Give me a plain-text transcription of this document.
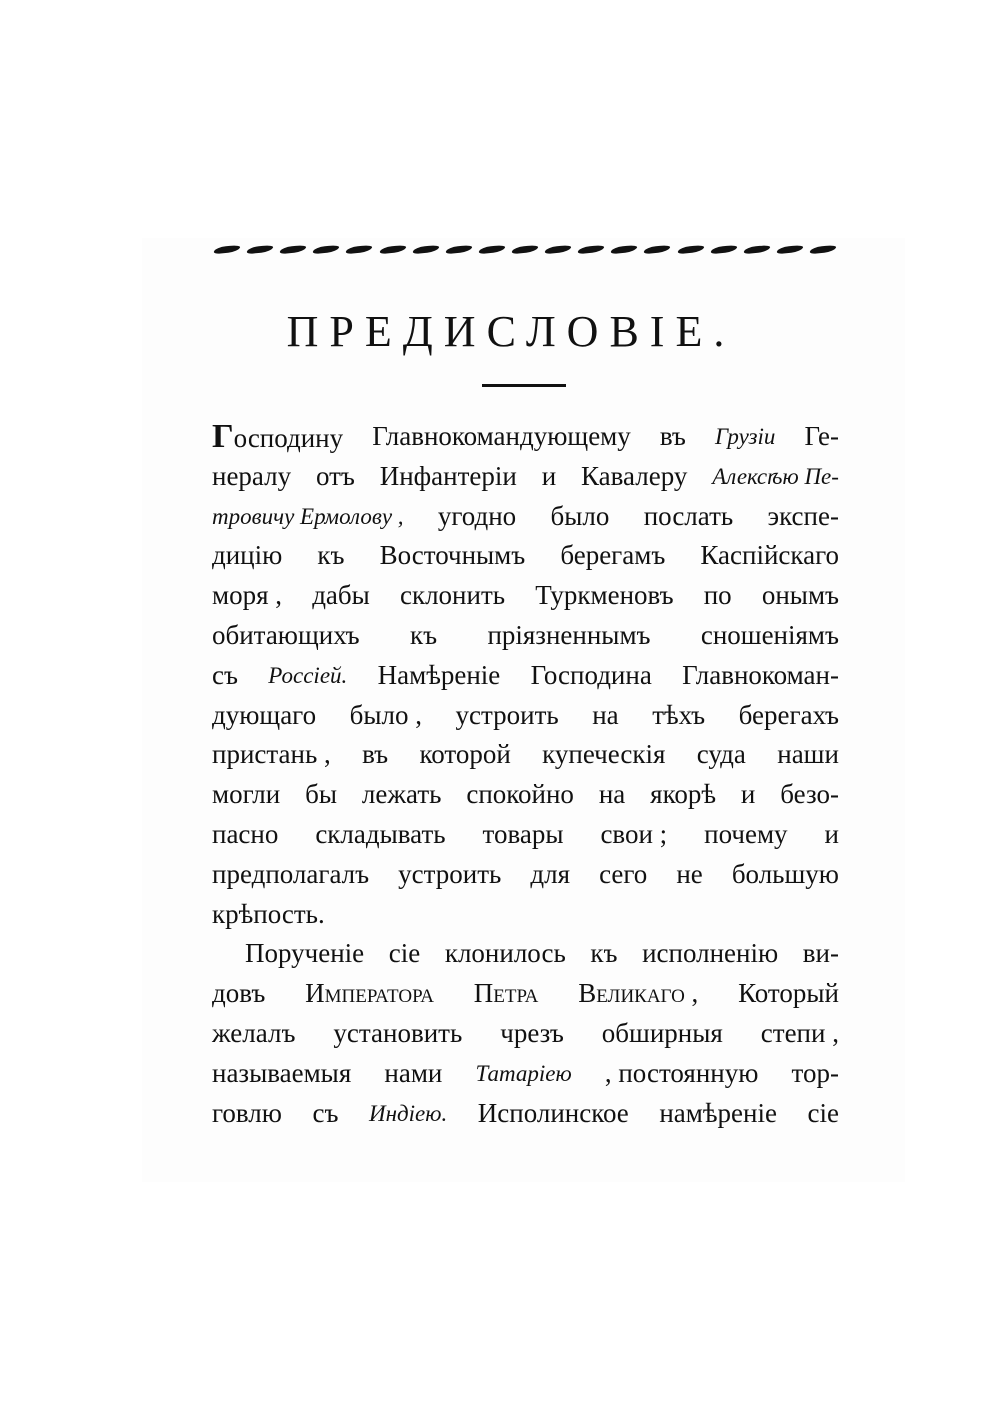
ПРЕДИСЛОВІЕ.
Господину Главнокомандующему въ Грузіи Ге-
нералу отъ Инфантеріи и Кавалеру Алексѣю Пе-
тровичу Ермолову , угодно было послать экспе-
дицію къ Восточнымъ берегамъ Каспійскаго
моря , дабы склонить Туркменовъ по онымъ
обитающихъ къ пріязненнымъ сношеніямъ
съ Россіей. Намѣреніе Господина Главнокоман-
дующаго было , устроить на тѣхъ берегахъ
пристань , въ которой купеческія суда наши
могли бы лежать спокойно на якорѣ и безо-
пасно складывать товары свои ; почему и
предполагалъ устроить для сего не большую
крѣпость.
Порученіе сіе клонилось къ исполненію ви-
довъ Императора Петра Великаго , Который
желалъ установить чрезъ обширныя степи ,
называемыя нами Татаріею , постоянную тор-
говлю съ Индіею. Исполинское намѣреніе сіе
